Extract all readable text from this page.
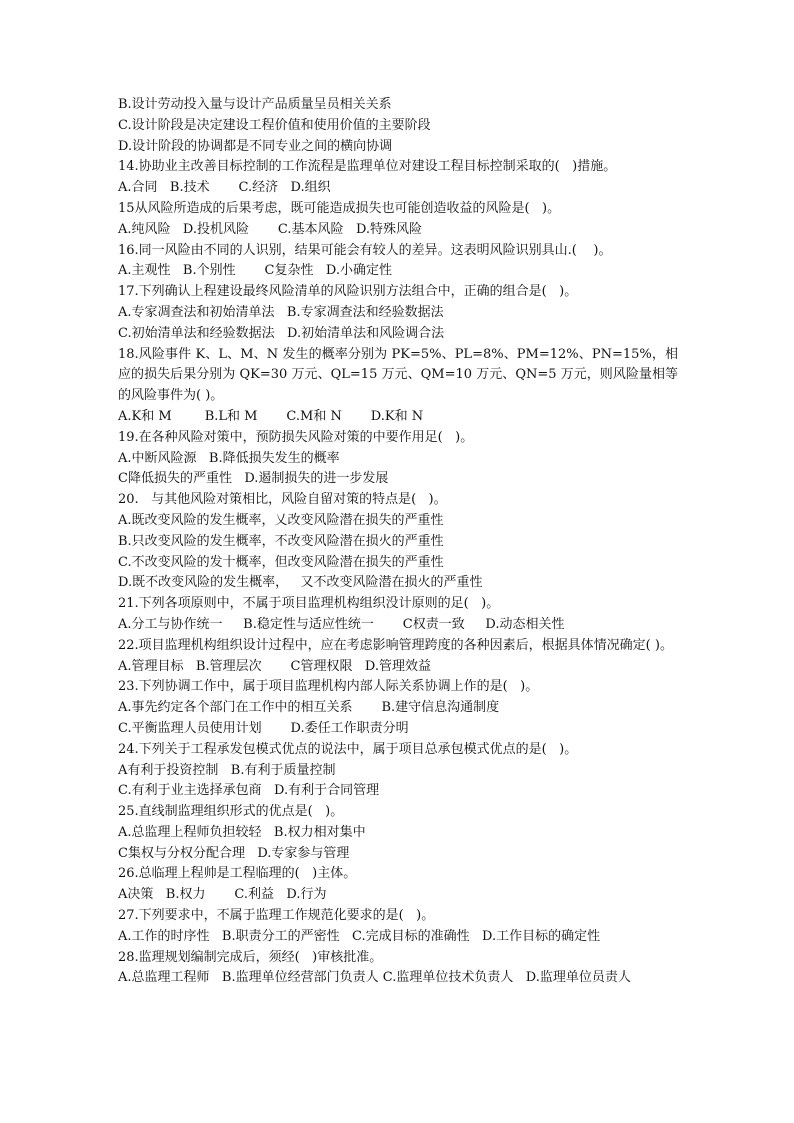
B.设计劳动投入量与设计产品质量呈员相关关系
C.设计阶段是决定建设工程价值和使用价值的主要阶段
D.设计阶段的协调都是不同专业之间的横向协调
14.协助业主改善目标控制的工作流程是监理单位对建设工程目标控制采取的(   )措施。
A.合同   B.技术       C.经济   D.组织
15从风险所造成的后果考虑，既可能造成损失也可能创造收益的风险是(   )。
A.纯风险   D.投机风险       C.基本风险   D.特殊风险
16.同一风险由不同的人识别，结果可能会有较人的差异。这表明风险识别具山.(    )。
A.主观性   B.个别性       C复杂性   D.小确定性
17.下列确认上程建设最终风险清单的风险识别方法组合中，正确的组合是(   )。
A.专家凋查法和初始清单法   B.专家凋查法和经验数据法
C.初始清单法和经验数据法   D.初始清单法和风险调合法
18.风险事件 K、L、M、N 发生的概率分别为 PK=5%、PL=8%、PM=12%、PN=15%，相应的损失后果分别为 QK=30 万元、QL=15 万元、QM=10 万元、QN=5 万元，则风险量相等的风险事件为( )。
A.K和 M        B.L和 M       C.M和 N       D.K和 N
19.在各种风险对策中，预防损失风险对策的中要作用足(   )。
A.中断风险源   B.降低损失发生的概率
C降低损失的严重性   D.遏制损失的进一步发展
20.   与其他风险对策相比，风险自留对策的特点是(   )。
A.既改变风险的发生概率，乂改变风险潜在损失的严重性
B.只改变风险的发生概率，不改变风险潜在损火的严重性
C.不改变风险的发十概率，但改变风险潜在损失的严重性
D.既不改变风险的发生概率，   又不改变风险潜在损火的严重性
21.下列各项原则中，不属于项目监理机构组织没计原则的足(   )。
A.分工与协作统一     B.稳定性与适应性统一       C权责一致     D.动态相关性
22.项目监理机构组织设计过程中，应在考虑影响管理跨度的各种因素后，根据具体情况确定( )。
A.管理目标   B.管理层次       C管理权限   D.管理效益
23.下列协调工作中，属于项目监理机构内部人际关系协调上作的是(   )。
A.事先约定各个部门在工作中的相互关系       B.建守信息沟通制度
C.平衡监理人员使用计划       D.委任工作职责分明
24.下列关于工程承发包模式优点的说法中，属于项目总承包模式优点的是(   )。
A有利于投资控制   B.有利于质量控制
C.有利于业主选择承包商   D.有利于合同管理
25.直线制监理组织形式的优点是(   )。
A.总监理上程师负担较轻   B.权力相对集中
C集权与分权分配合理   D.专家参与管理
26.总临理上程帅是工程临理的(   )主体。
A决策   B.权力       C.利益   D.行为
27.下列要求中，不属于监理工作规范化要求的是(   )。
A.工作的时序性   B.职责分工的严密性   C.完成目标的准确性   D.工作目标的确定性
28.监理规划编制完成后，须经(   )审核批准。
A.总监理工程师   B.监理单位经营部门负责人 C.监理单位技术负责人   D.监理单位员责人
